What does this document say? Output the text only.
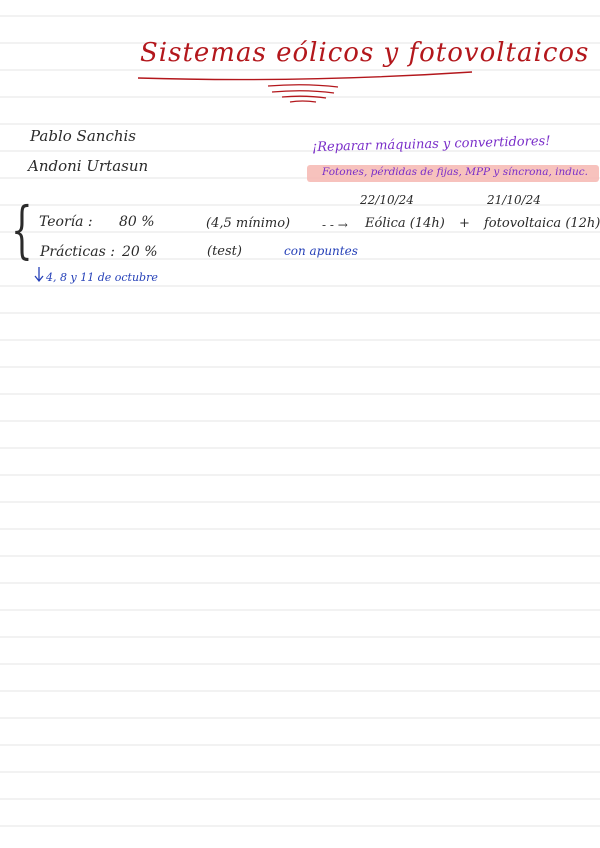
Sistemas eólicos y fotovoltaicos
Pablo Sanchis
Andoni Urtasun
¡Reparar máquinas y convertidores!
Fotones, pérdidas de fijas, MPP y síncrona, induc.
22/10/24	21/10/24
{ Teoría : 80 %	(4,5 mínimo)	- - → Eólica (14h) + fotovoltaica (12h)
Prácticas : 20 %	(test)	con apuntes
4, 8 y 11 de octubre
